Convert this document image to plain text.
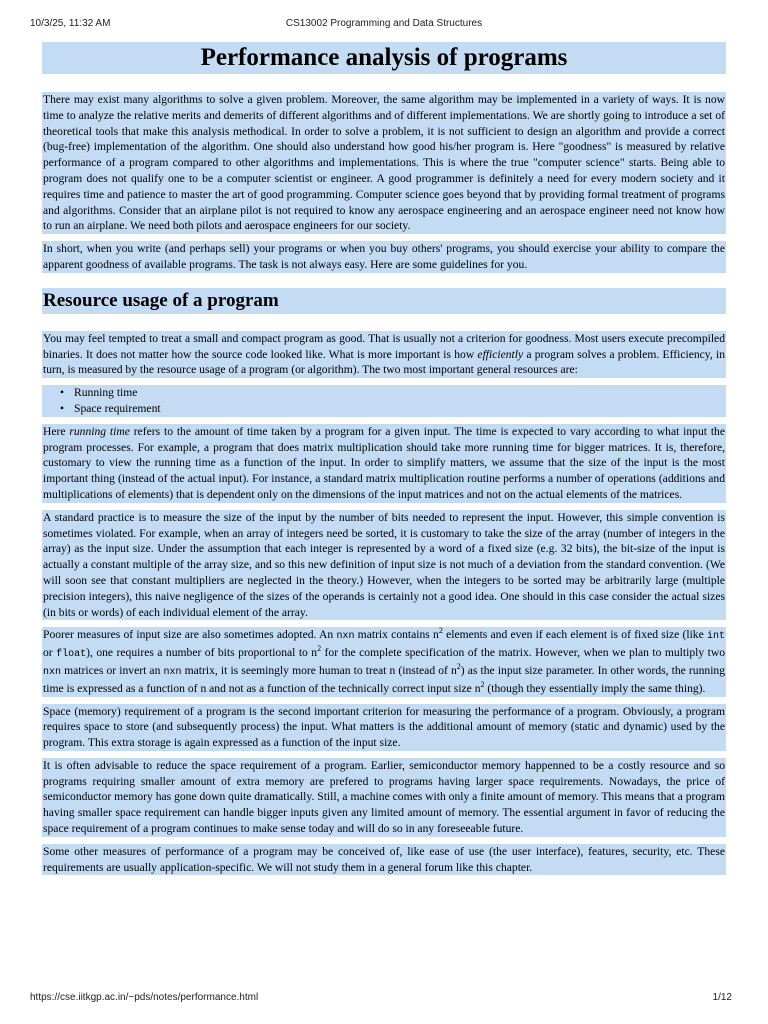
CS13002 Programming and Data Structures
10/3/25, 11:32 AM
Performance analysis of programs

There may exist many algorithms to solve a given problem. Moreover, the same algorithm may be implemented in a variety of ways. It is now time to analyze the relative merits and demerits of different algorithms and of different implementations. We are shortly going to introduce a set of theoretical tools that make this analysis methodical. In order to solve a problem, it is not sufficient to design an algorithm and provide a correct (bug-free) implementation of the algorithm. One should also understand how good his/her program is. Here "goodness" is measured by relative performance of a program compared to other algorithms and implementations. This is where the true "computer science" starts. Being able to program does not qualify one to be a computer scientist or engineer. A good programmer is definitely a need for every modern society and it requires time and patience to master the art of good programming. Computer science goes beyond that by providing formal treatment of programs and algorithms. Consider that an airplane pilot is not required to know any aerospace engineering and an aerospace engineer need not know how to run an airplane. We need both pilots and aerospace engineers for our society.

In short, when you write (and perhaps sell) your programs or when you buy others' programs, you should exercise your ability to compare the apparent goodness of available programs. The task is not always easy. Here are some guidelines for you.

Resource usage of a program

You may feel tempted to treat a small and compact program as good. That is usually not a criterion for goodness. Most users execute precompiled binaries. It does not matter how the source code looked like. What is more important is how efficiently a program solves a problem. Efficiency, in turn, is measured by the resource usage of a program (or algorithm). The two most important general resources are:

• Running time
• Space requirement

Here running time refers to the amount of time taken by a program for a given input. The time is expected to vary according to what input the program processes. For example, a program that does matrix multiplication should take more running time for bigger matrices. It is, therefore, customary to view the running time as a function of the input. In order to simplify matters, we assume that the size of the input is the most important thing (instead of the actual input). For instance, a standard matrix multiplication routine performs a number of operations (additions and multiplications of elements) that is dependent only on the dimensions of the input matrices and not on the actual elements of the matrices.

A standard practice is to measure the size of the input by the number of bits needed to represent the input. However, this simple convention is sometimes violated. For example, when an array of integers need be sorted, it is customary to take the size of the array (number of integers in the array) as the input size. Under the assumption that each integer is represented by a word of a fixed size (e.g. 32 bits), the bit-size of the input is actually a constant multiple of the array size, and so this new definition of input size is not much of a deviation from the standard convention. (We will soon see that constant multipliers are neglected in the theory.) However, when the integers to be sorted may be arbitrarily large (multiple precision integers), this naive negligence of the sizes of the operands is certainly not a good idea. One should in this case consider the actual sizes (in bits or words) of each individual element of the array.

Poorer measures of input size are also sometimes adopted. An nxn matrix contains $n^2$ elements and even if each element is of fixed size (like int or float), one requires a number of bits proportional to $n^2$ for the complete specification of the matrix. However, when we plan to multiply two nxn matrices or invert an nxn matrix, it is seemingly more human to treat n (instead of $n^2$) as the input size parameter. In other words, the running time is expressed as a function of n and not as a function of the technically correct input size $n^2$ (though they essentially imply the same thing).

Space (memory) requirement of a program is the second important criterion for measuring the performance of a program. Obviously, a program requires space to store (and subsequently process) the input. What matters is the additional amount of memory (static and dynamic) used by the program. This extra storage is again expressed as a function of the input size.

It is often advisable to reduce the space requirement of a program. Earlier, semiconductor memory happenned to be a costly resource and so programs requiring smaller amount of extra memory are prefered to programs having larger space requirements. Nowadays, the price of semiconductor memory has gone down quite dramatically. Still, a machine comes with only a finite amount of memory. This means that a program having smaller space requirement can handle bigger inputs given any limited amount of memory. The essential argument in favor of reducing the space requirement of a program continues to make sense today and will do so in any foreseeable future.

Some other measures of performance of a program may be conceived of, like ease of use (the user interface), features, security, etc. These requirements are usually application-specific. We will not study them in a general forum like this chapter.

https://cse.iitkgp.ac.in/~pds/notes/performance.html	1/12
